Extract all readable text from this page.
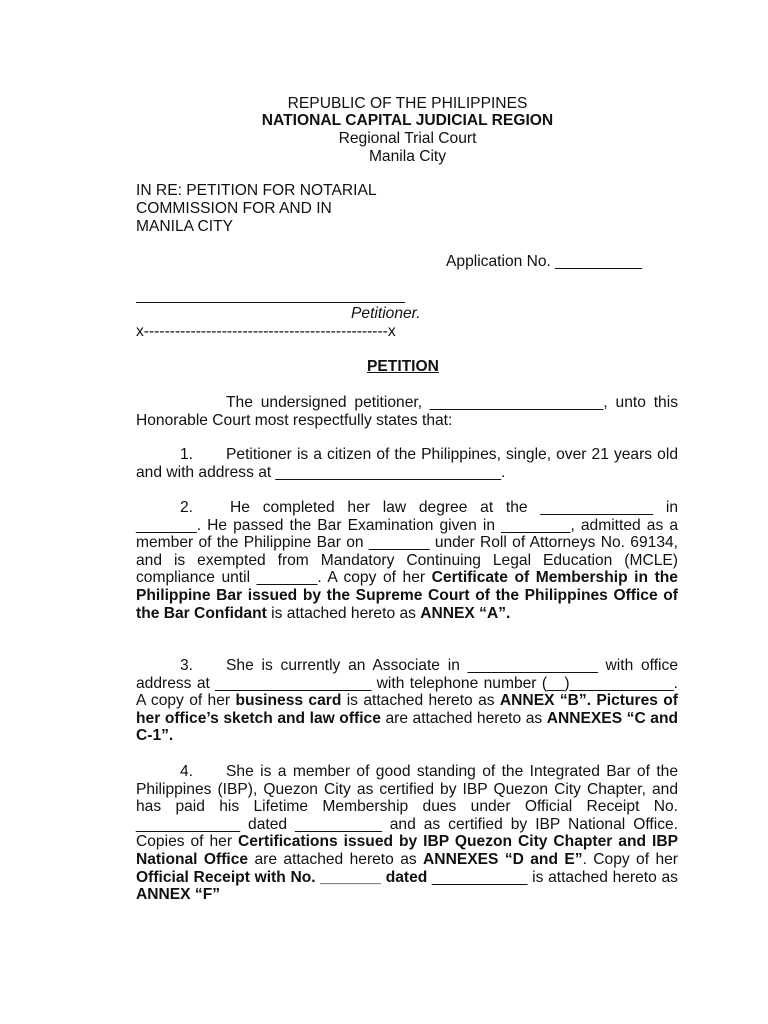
REPUBLIC OF THE PHILIPPINES
NATIONAL CAPITAL JUDICIAL REGION
Regional Trial Court
Manila City
IN RE: PETITION FOR NOTARIAL
COMMISSION FOR AND IN
MANILA CITY
Application No. __________
_______________________________
Petitioner.
x-----------------------------------------------x
PETITION
The undersigned petitioner, ____________________, unto this Honorable Court most respectfully states that:
1. Petitioner is a citizen of the Philippines, single, over 21 years old and with address at __________________________.
2. He completed her law degree at the _____________ in _______. He passed the Bar Examination given in ________, admitted as a member of the Philippine Bar on _______ under Roll of Attorneys No. 69134, and is exempted from Mandatory Continuing Legal Education (MCLE) compliance until _______. A copy of her Certificate of Membership in the Philippine Bar issued by the Supreme Court of the Philippines Office of the Bar Confidant is attached hereto as ANNEX “A”.
3. She is currently an Associate in _______________ with office address at __________________ with telephone number (__)____________. A copy of her business card is attached hereto as ANNEX “B”. Pictures of her office’s sketch and law office are attached hereto as ANNEXES “C and C-1”.
4. She is a member of good standing of the Integrated Bar of the Philippines (IBP), Quezon City as certified by IBP Quezon City Chapter, and has paid his Lifetime Membership dues under Official Receipt No. ____________ dated __________ and as certified by IBP National Office. Copies of her Certifications issued by IBP Quezon City Chapter and IBP National Office are attached hereto as ANNEXES “D and E”. Copy of her Official Receipt with No. _______ dated ___________ is attached hereto as ANNEX “F”
